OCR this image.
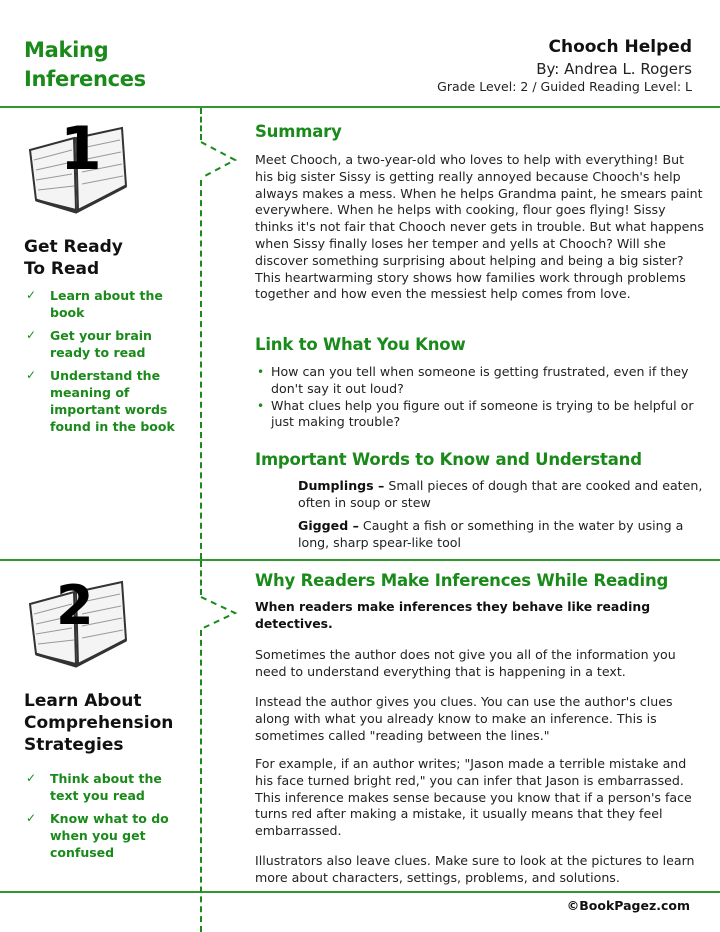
Making
Inferences
Chooch Helped
By: Andrea L. Rogers
Grade Level: 2 / Guided Reading Level: L
1
Get Ready
To Read
✓ Learn about the book
✓ Get your brain ready to read
✓ Understand the meaning of important words found in the book
Summary
Meet Chooch, a two-year-old who loves to help with everything! But his big sister Sissy is getting really annoyed because Chooch's help always makes a mess. When he helps Grandma paint, he smears paint everywhere. When he helps with cooking, flour goes flying! Sissy thinks it's not fair that Chooch never gets in trouble. But what happens when Sissy finally loses her temper and yells at Chooch? Will she discover something surprising about helping and being a big sister? This heartwarming story shows how families work through problems together and how even the messiest help comes from love.
Link to What You Know
• How can you tell when someone is getting frustrated, even if they don't say it out loud?
• What clues help you figure out if someone is trying to be helpful or just making trouble?
Important Words to Know and Understand
Dumplings – Small pieces of dough that are cooked and eaten, often in soup or stew
Gigged – Caught a fish or something in the water by using a long, sharp spear-like tool
2
Learn About
Comprehension
Strategies
✓ Think about the text you read
✓ Know what to do when you get confused
Why Readers Make Inferences While Reading
When readers make inferences they behave like reading detectives.
Sometimes the author does not give you all of the information you need to understand everything that is happening in a text.
Instead the author gives you clues. You can use the author's clues along with what you already know to make an inference. This is sometimes called "reading between the lines."
For example, if an author writes; "Jason made a terrible mistake and his face turned bright red," you can infer that Jason is embarrassed. This inference makes sense because you know that if a person's face turns red after making a mistake, it usually means that they feel embarrassed.
Illustrators also leave clues. Make sure to look at the pictures to learn more about characters, settings, problems, and solutions.
©BookPagez.com
